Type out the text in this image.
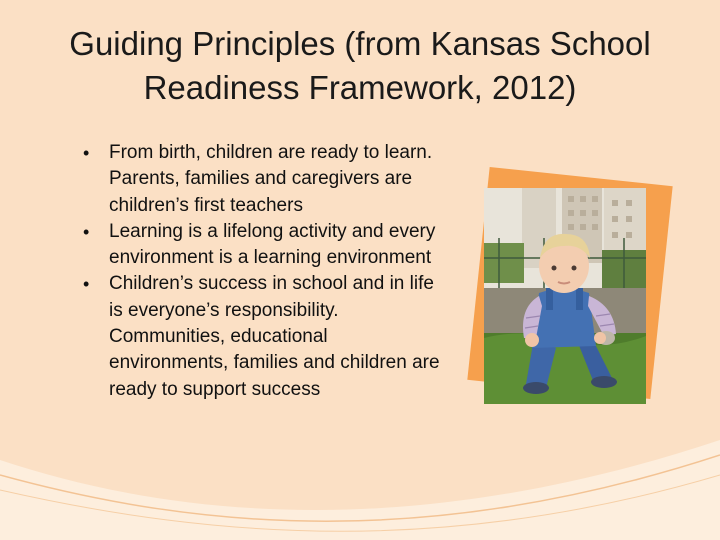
Guiding Principles (from Kansas School Readiness Framework, 2012)
• From birth, children are ready to learn. Parents, families and caregivers are children’s first teachers
• Learning is a lifelong activity and every environment is a learning environment
• Children’s success in school and in life is everyone’s responsibility. Communities, educational environments, families and children are ready to support success
